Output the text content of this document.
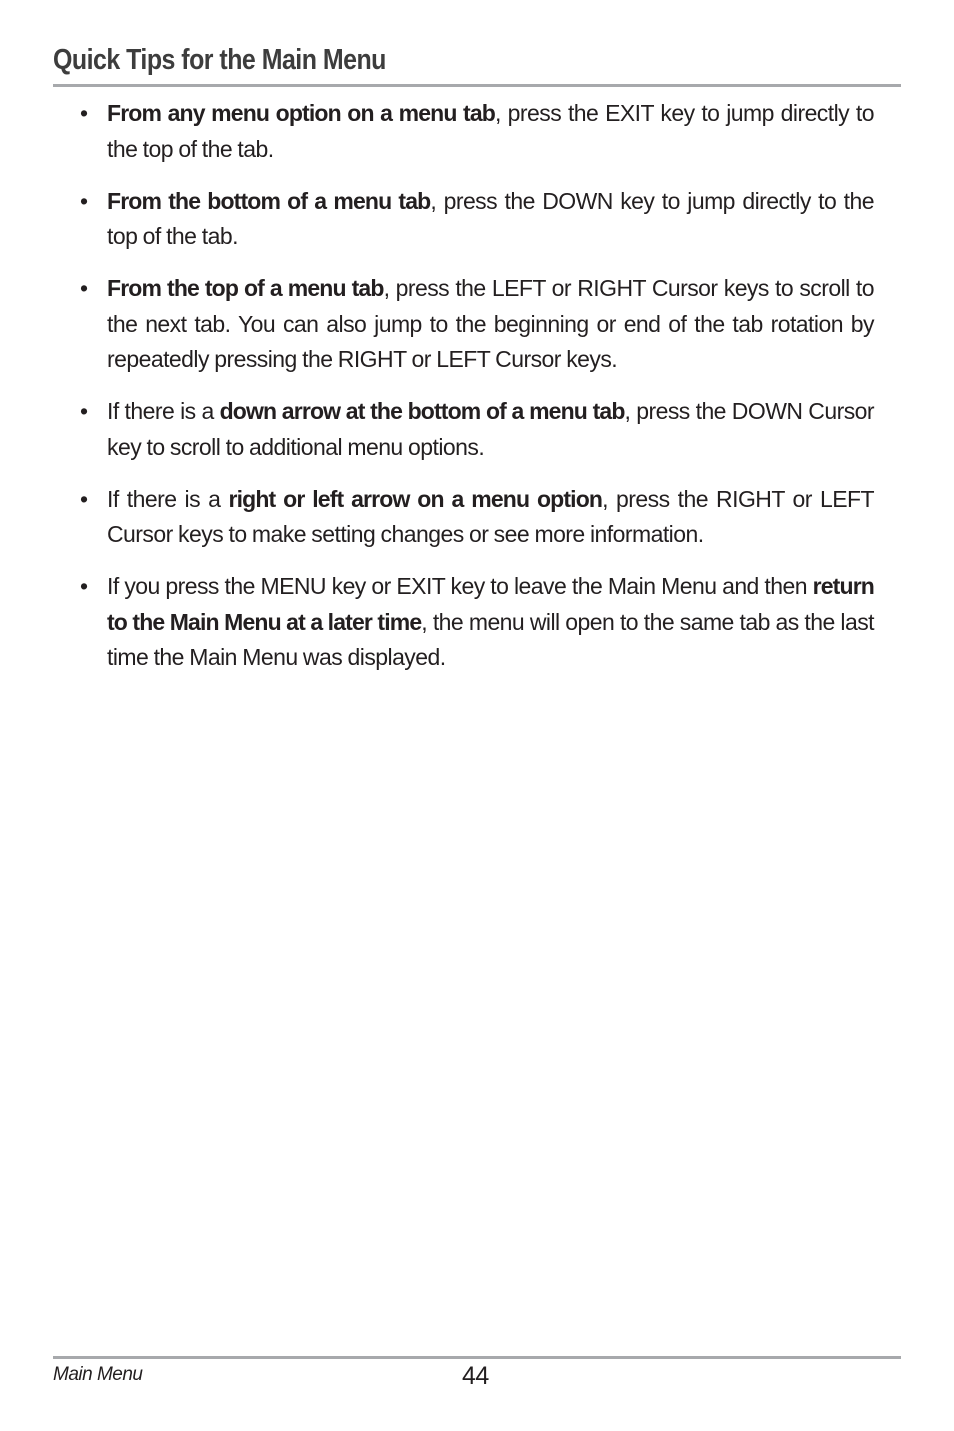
Quick Tips for the Main Menu
• From any menu option on a menu tab, press the EXIT key to jump directly to the top of the tab.
• From the bottom of a menu tab, press the DOWN key to jump directly to the top of the tab.
• From the top of a menu tab, press the LEFT or RIGHT Cursor keys to scroll to the next tab. You can also jump to the beginning or end of the tab rotation by repeatedly pressing the RIGHT or LEFT Cursor keys.
• If there is a down arrow at the bottom of a menu tab, press the DOWN Cursor key to scroll to additional menu options.
• If there is a right or left arrow on a menu option, press the RIGHT or LEFT Cursor keys to make setting changes or see more information.
• If you press the MENU key or EXIT key to leave the Main Menu and then return to the Main Menu at a later time, the menu will open to the same tab as the last time the Main Menu was displayed.
Main Menu	44
